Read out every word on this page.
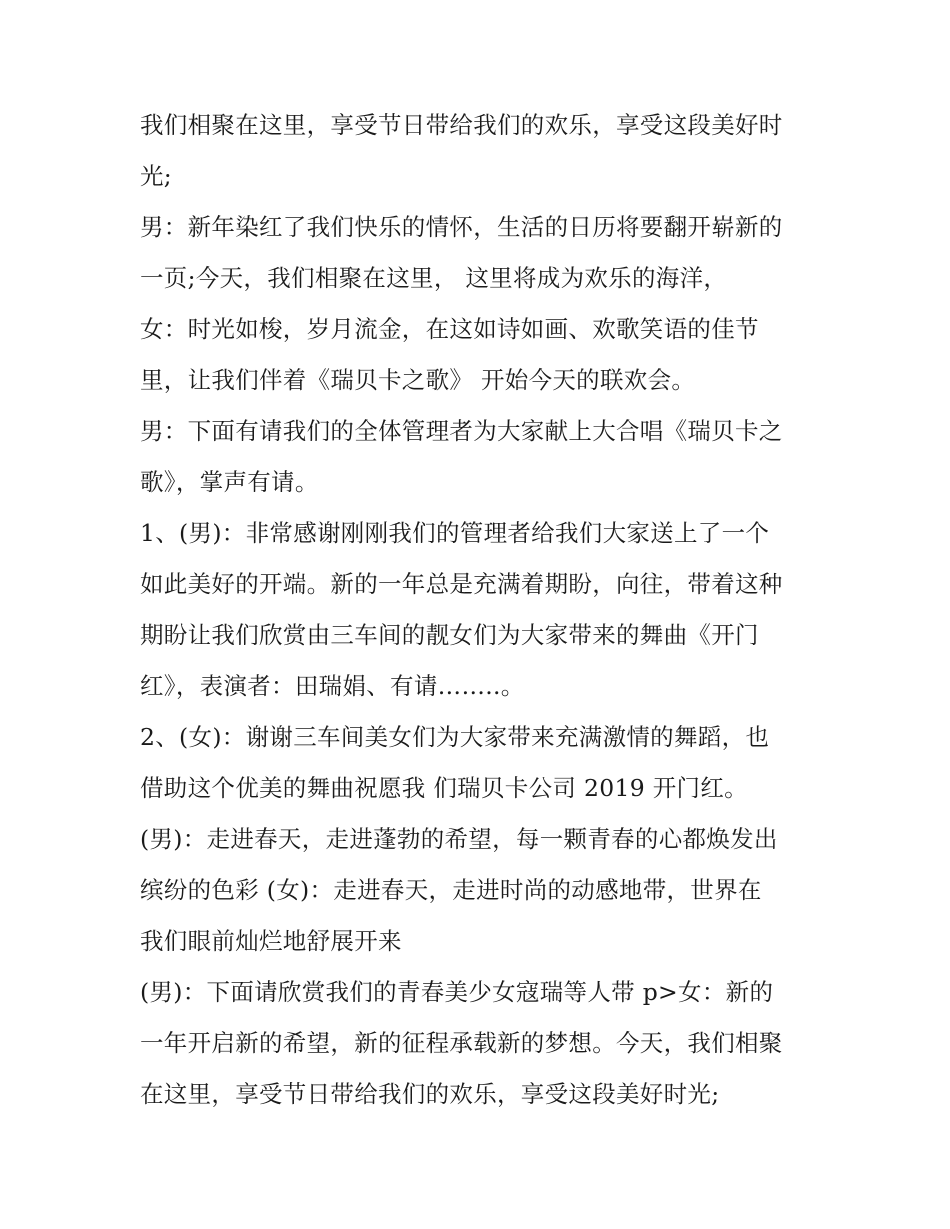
我们相聚在这里，享受节日带给我们的欢乐，享受这段美好时
光;
男：新年染红了我们快乐的情怀，生活的日历将要翻开崭新的
一页;今天，我们相聚在这里， 这里将成为欢乐的海洋，
女：时光如梭，岁月流金，在这如诗如画、欢歌笑语的佳节
里，让我们伴着《瑞贝卡之歌》 开始今天的联欢会。
男：下面有请我们的全体管理者为大家献上大合唱《瑞贝卡之
歌》，掌声有请。
1、(男)：非常感谢刚刚我们的管理者给我们大家送上了一个
如此美好的开端。新的一年总是充满着期盼，向往，带着这种
期盼让我们欣赏由三车间的靓女们为大家带来的舞曲《开门
红》，表演者：田瑞娟、有请……..。
2、(女)：谢谢三车间美女们为大家带来充满激情的舞蹈，也
借助这个优美的舞曲祝愿我 们瑞贝卡公司 2019 开门红。
(男)：走进春天，走进蓬勃的希望，每一颗青春的心都焕发出
缤纷的色彩 (女)：走进春天，走进时尚的动感地带，世界在
我们眼前灿烂地舒展开来
(男)：下面请欣赏我们的青春美少女寇瑞等人带 p>女：新的
一年开启新的希望，新的征程承载新的梦想。今天，我们相聚
在这里，享受节日带给我们的欢乐，享受这段美好时光;
